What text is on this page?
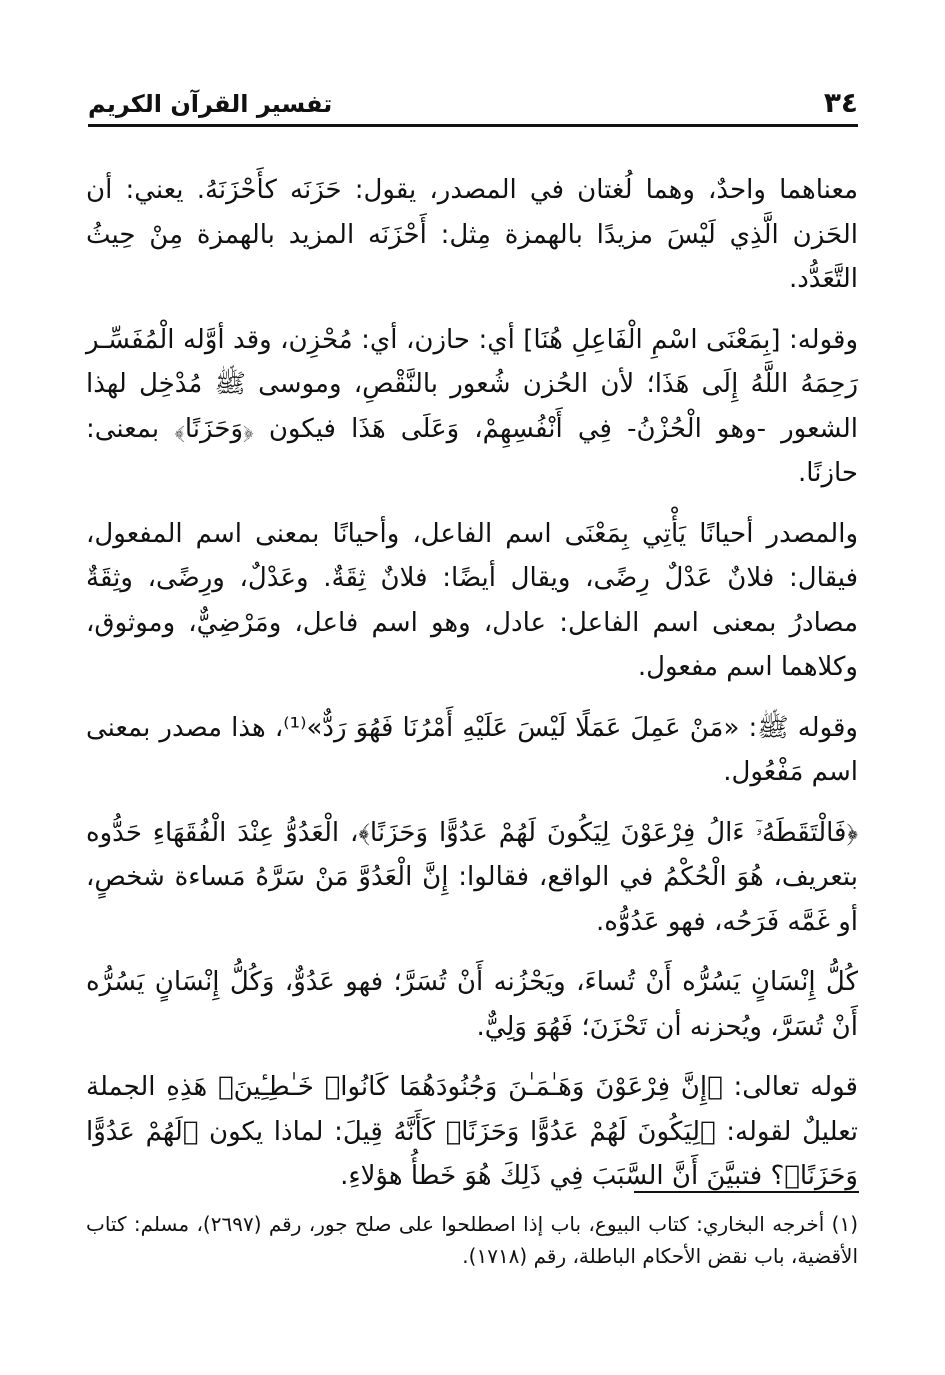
تفسير القرآن الكريم	٣٤

معناهما واحدٌ، وهما لُغتان في المصدر، يقول: حَزَنَه كأَحْزَنَهُ. يعني: أن الحَزن الَّذِي لَيْسَ مزيدًا بالهمزة مِثل: أَحْزَنَه المزيد بالهمزة مِنْ حِيثُ التَّعَدُّد.

وقوله: [بِمَعْنَى اسْمِ الْفَاعِلِ هُنَا] أي: حازن، أي: مُحْزِن، وقد أوَّله الْمُفَسِّـر رَحِمَهُ اللَّهُ إِلَى هَذَا؛ لأن الحُزن شُعور بالنَّقْصِ، وموسى ﷺ مُدْخِل لهذا الشعور -وهو الْحُزْنُ- فِي أَنْفُسِهِمْ، وَعَلَى هَذَا فيكون ﴿وَحَزَنًا﴾ بمعنى: حازنًا.

والمصدر أحيانًا يَأْتِي بِمَعْنَى اسم الفاعل، وأحيانًا بمعنى اسم المفعول، فيقال: فلانٌ عَدْلٌ رِضًى، ويقال أيضًا: فلانٌ ثِقَةٌ. وعَدْلٌ، ورِضًى، وثِقَةٌ مصادرُ بمعنى اسم الفاعل: عادل، وهو اسم فاعل، ومَرْضِيٌّ، وموثوق، وكلاهما اسم مفعول.

وقوله ﷺ: «مَنْ عَمِلَ عَمَلًا لَيْسَ عَلَيْهِ أَمْرُنَا فَهُوَ رَدٌّ»⁽¹⁾، هذا مصدر بمعنى اسم مَفْعُول.

﴿فَالْتَقَطَهُۥٓ ءَالُ فِرْعَوْنَ لِيَكُونَ لَهُمْ عَدُوًّا وَحَزَنًا﴾، الْعَدُوُّ عِنْدَ الْفُقَهَاءِ حَدُّوه بتعريف، هُوَ الْحُكْمُ في الواقع، فقالوا: إِنَّ الْعَدُوَّ مَنْ سَرَّهُ مَساءة شخصٍ، أو غَمَّه فَرَحُه، فهو عَدُوُّه.

كُلُّ إِنْسَانٍ يَسُرُّه أَنْ تُساءَ، ويَحْزُنه أَنْ تُسَرَّ؛ فهو عَدُوٌّ، وَكُلُّ إِنْسَانٍ يَسُرُّه أَنْ تُسَرَّ، ويُحزنه أن تَحْزَنَ؛ فَهُوَ وَلِيٌّ.

قوله تعالى: ﴿إِنَّ فِرْعَوْنَ وَهَـٰمَـٰنَ وَجُنُودَهُمَا كَانُوا۟ خَـٰطِـِٔينَ﴾ هَذِهِ الجملة تعليلٌ لقوله: ﴿لِيَكُونَ لَهُمْ عَدُوًّا وَحَزَنًا﴾ كَأَنَّهُ قِيلَ: لماذا يكون ﴿لَهُمْ عَدُوًّا وَحَزَنًا﴾؟ فتبيَّنَ أَنَّ السَّبَبَ فِي ذَلِكَ هُوَ خَطأُ هؤلاءِ.

(١) أخرجه البخاري: كتاب البيوع، باب إذا اصطلحوا على صلح جور، رقم (٢٦٩٧)، مسلم: كتاب الأقضية، باب نقض الأحكام الباطلة، رقم (١٧١٨).
